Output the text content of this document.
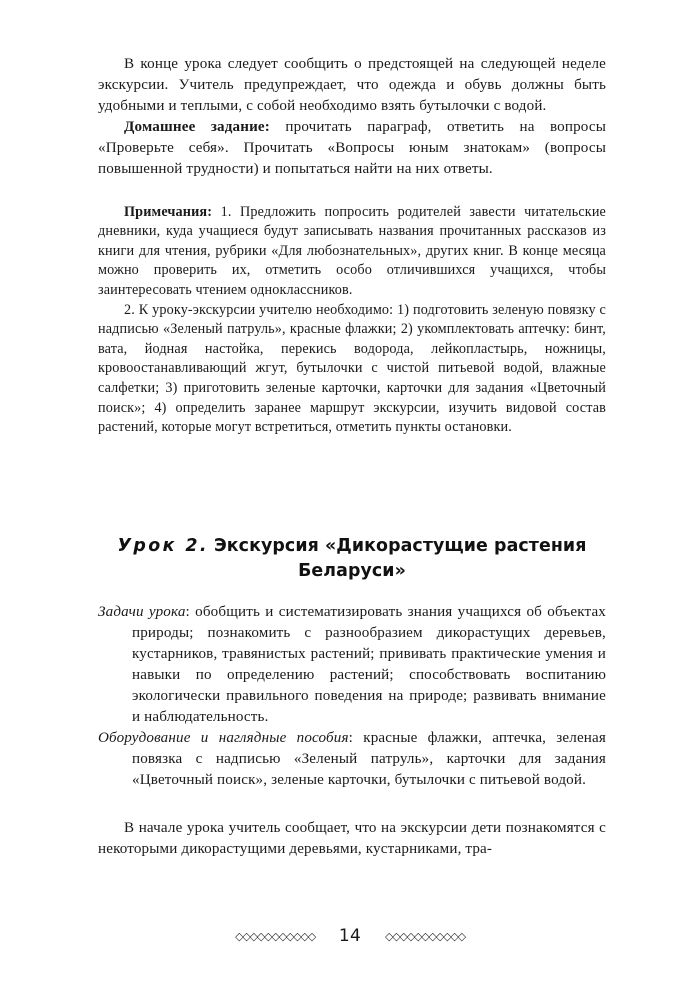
В конце урока следует сообщить о предстоящей на следующей неделе экскурсии. Учитель предупреждает, что одежда и обувь должны быть удобными и теплыми, с собой необходимо взять бутылочки с водой.

Домашнее задание: прочитать параграф, ответить на вопросы «Проверьте себя». Прочитать «Вопросы юным знатокам» (вопросы повышенной трудности) и попытаться найти на них ответы.

Примечания: 1. Предложить попросить родителей завести читательские дневники, куда учащиеся будут записывать названия прочитанных рассказов из книги для чтения, рубрики «Для любознательных», других книг. В конце месяца можно проверить их, отметить особо отличившихся учащихся, чтобы заинтересовать чтением одноклассников.

2. К уроку-экскурсии учителю необходимо: 1) подготовить зеленую повязку с надписью «Зеленый патруль», красные флажки; 2) укомплектовать аптечку: бинт, вата, йодная настойка, перекись водорода, лейкопластырь, ножницы, кровоостанавливающий жгут, бутылочки с чистой питьевой водой, влажные салфетки; 3) приготовить зеленые карточки, карточки для задания «Цветочный поиск»; 4) определить заранее маршрут экскурсии, изучить видовой состав растений, которые могут встретиться, отметить пункты остановки.

Урок 2. Экскурсия «Дикорастущие растения Беларуси»

Задачи урока: обобщить и систематизировать знания учащихся об объектах природы; познакомить с разнообразием дикорастущих деревьев, кустарников, травянистых растений; прививать практические умения и навыки по определению растений; способствовать воспитанию экологически правильного поведения на природе; развивать внимание и наблюдательность.

Оборудование и наглядные пособия: красные флажки, аптечка, зеленая повязка с надписью «Зеленый патруль», карточки для задания «Цветочный поиск», зеленые карточки, бутылочки с питьевой водой.

В начале урока учитель сообщает, что на экскурсии дети познакомятся с некоторыми дикорастущими деревьями, кустарниками, тра-

◇◇◇◇◇◇◇◇◇◇◇ 14 ◇◇◇◇◇◇◇◇◇◇◇
